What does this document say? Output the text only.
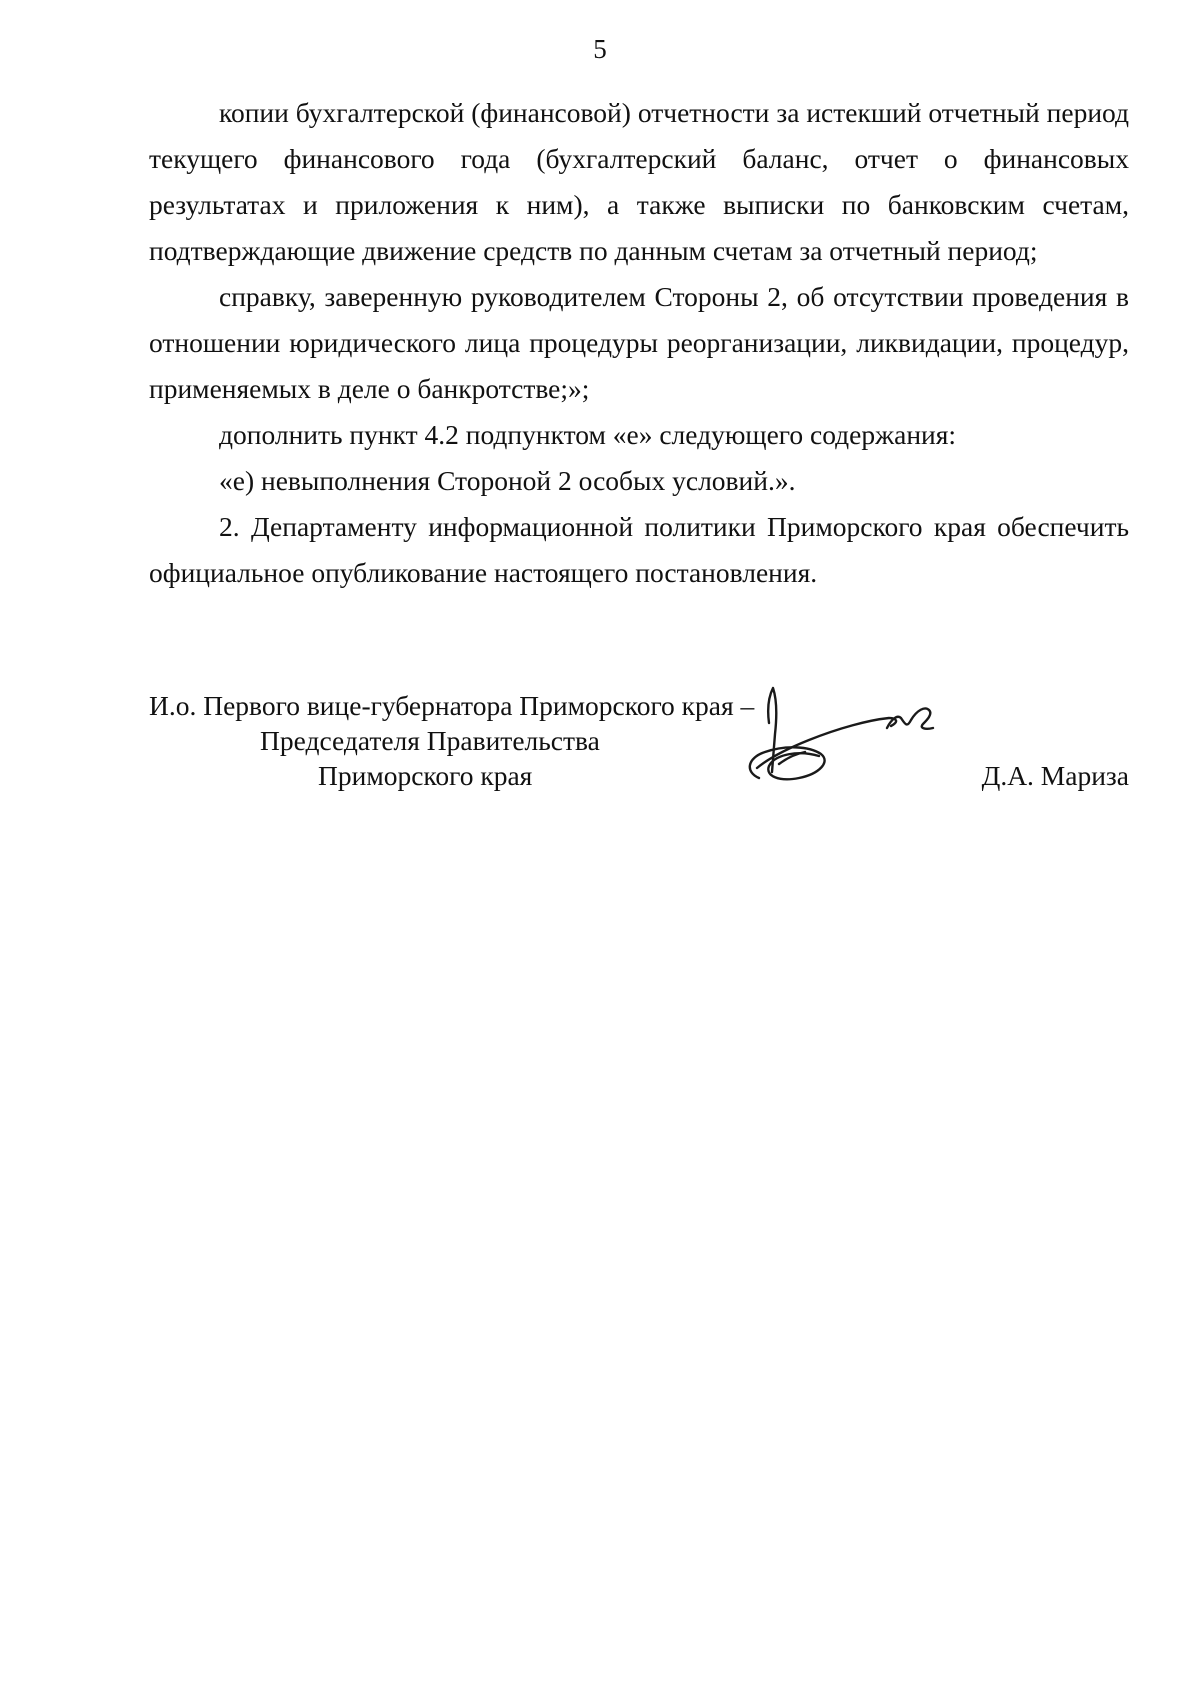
5

копии бухгалтерской (финансовой) отчетности за истекший отчетный период текущего финансового года (бухгалтерский баланс, отчет о финансовых результатах и приложения к ним), а также выписки по банковским счетам, подтверждающие движение средств по данным счетам за отчетный период;

справку, заверенную руководителем Стороны 2, об отсутствии проведения в отношении юридического лица процедуры реорганизации, ликвидации, процедур, применяемых в деле о банкротстве;»;

дополнить пункт 4.2 подпунктом «е» следующего содержания:

«е) невыполнения Стороной 2 особых условий.».

2. Департаменту информационной политики Приморского края обеспечить официальное опубликование настоящего постановления.

И.о. Первого вице-губернатора Приморского края –
Председателя Правительства
Приморского края	Д.А. Мариза
